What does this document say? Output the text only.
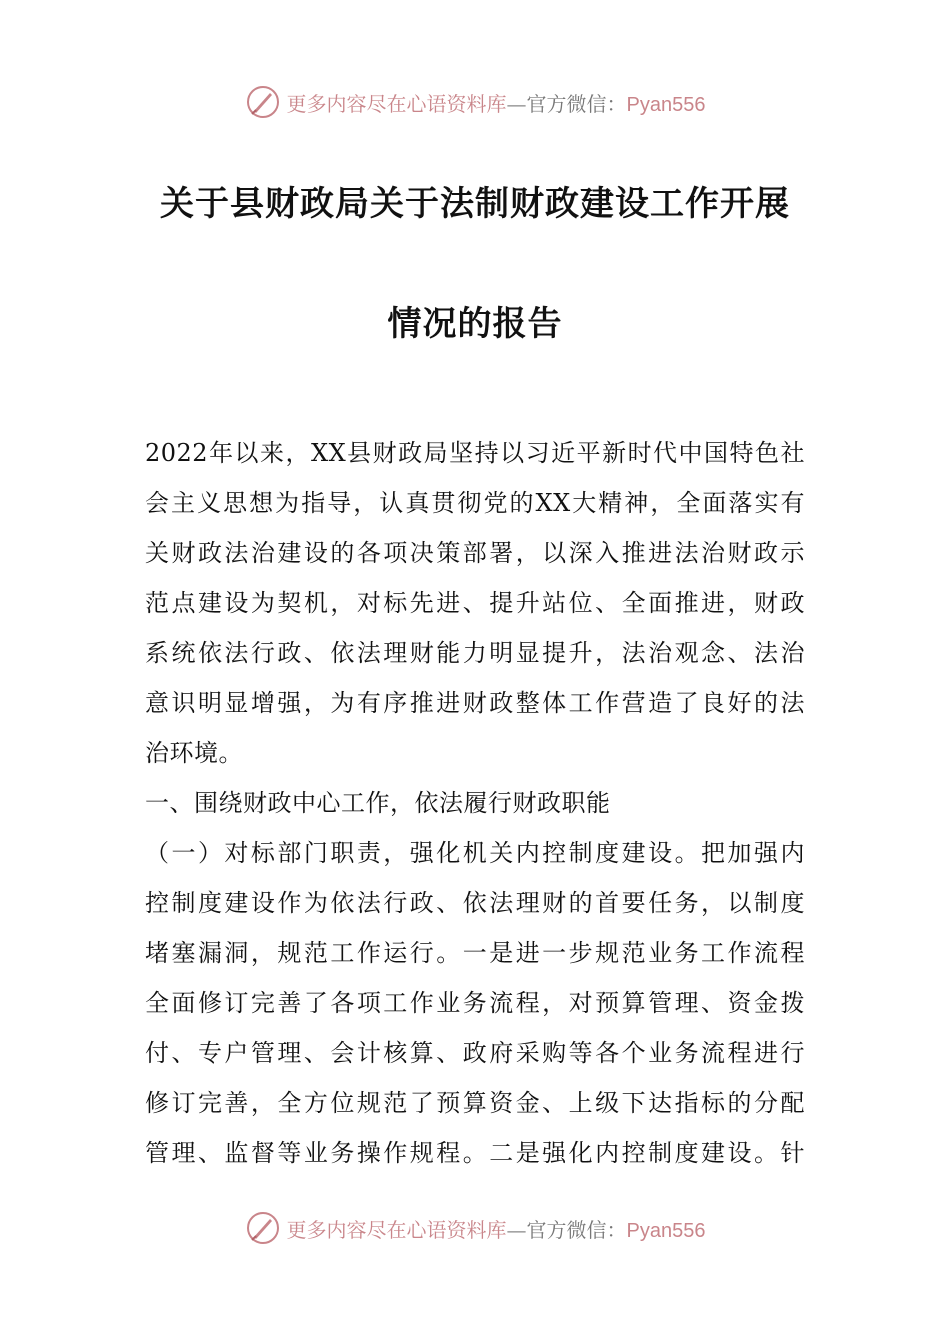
更多内容尽在心语资料库—官方微信：Pyan556
关于县财政局关于法制财政建设工作开展
情况的报告
2022年以来，XX县财政局坚持以习近平新时代中国特色社
会主义思想为指导，认真贯彻党的XX大精神，全面落实有
关财政法治建设的各项决策部署，以深入推进法治财政示
范点建设为契机，对标先进、提升站位、全面推进，财政
系统依法行政、依法理财能力明显提升，法治观念、法治
意识明显增强，为有序推进财政整体工作营造了良好的法
治环境。
一、围绕财政中心工作，依法履行财政职能
（一）对标部门职责，强化机关内控制度建设。把加强内
控制度建设作为依法行政、依法理财的首要任务，以制度
堵塞漏洞，规范工作运行。一是进一步规范业务工作流程
全面修订完善了各项工作业务流程，对预算管理、资金拨
付、专户管理、会计核算、政府采购等各个业务流程进行
修订完善，全方位规范了预算资金、上级下达指标的分配
管理、监督等业务操作规程。二是强化内控制度建设。针
更多内容尽在心语资料库—官方微信：Pyan556
